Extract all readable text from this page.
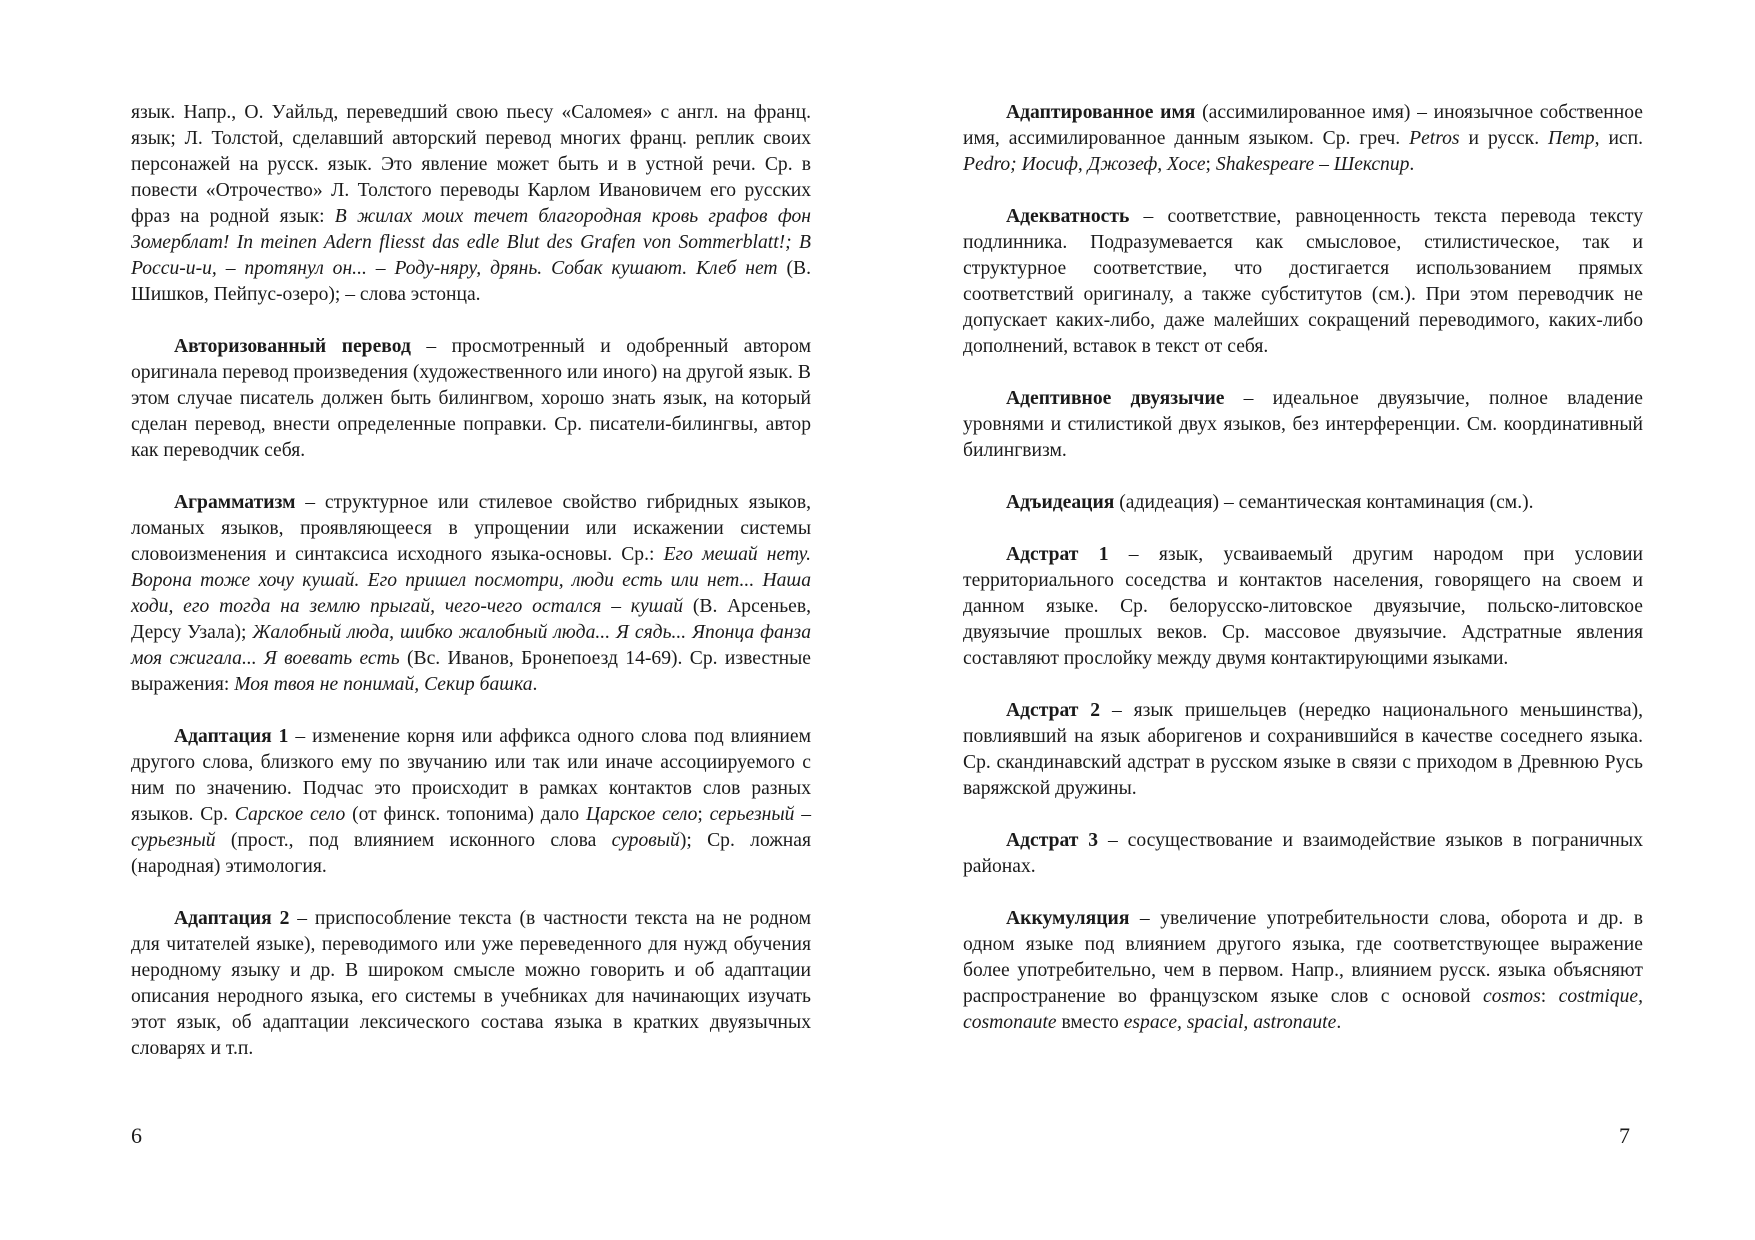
язык. Напр., О. Уайльд, переведший свою пьесу «Саломея» с англ. на франц. язык; Л. Толстой, сделавший авторский перевод многих франц. реплик своих персонажей на русск. язык. Это явление может быть и в устной речи. Ср. в повести «Отрочество» Л. Толстого переводы Карлом Ивановичем его русских фраз на родной язык: В жилах моих течет благородная кровь графов фон Зомерблат! In meinen Adern fliesst das edle Blut des Grafen von Sommerblatt!; В Росси-и-и, – протянул он... – Роду-няру, дрянь. Собак кушают. Клеб нет (В. Шишков, Пейпус-озеро); – слова эстонца.

Авторизованный перевод – просмотренный и одобренный автором оригинала перевод произведения (художественного или иного) на другой язык. В этом случае писатель должен быть билингвом, хорошо знать язык, на который сделан перевод, внести определенные поправки. Ср. писатели-билингвы, автор как переводчик себя.

Аграмматизм – структурное или стилевое свойство гибридных языков, ломаных языков, проявляющееся в упрощении или искажении системы словоизменения и синтаксиса исходного языка-основы. Ср.: Его мешай нету. Ворона тоже хочу кушай. Его пришел посмотри, люди есть или нет... Наша ходи, его тогда на землю прыгай, чего-чего остался – кушай (В. Арсеньев, Дерсу Узала); Жалобный люда, шибко жалобный люда... Я сядь... Японца фанза моя сжигала... Я воевать есть (Вс. Иванов, Бронепоезд 14-69). Ср. известные выражения: Моя твоя не понимай, Секир башка.

Адаптация 1 – изменение корня или аффикса одного слова под влиянием другого слова, близкого ему по звучанию или так или иначе ассоциируемого с ним по значению. Подчас это происходит в рамках контактов слов разных языков. Ср. Сарское село (от финск. топонима) дало Царское село; серьезный – сурьезный (прост., под влиянием исконного слова суровый); Ср. ложная (народная) этимология.

Адаптация 2 – приспособление текста (в частности текста на не родном для читателей языке), переводимого или уже переведенного для нужд обучения неродному языку и др. В широком смысле можно говорить и об адаптации описания неродного языка, его системы в учебниках для начинающих изучать этот язык, об адаптации лексического состава языка в кратких двуязычных словарях и т.п.

Адаптированное имя (ассимилированное имя) – иноязычное собственное имя, ассимилированное данным языком. Ср. греч. Petros и русск. Петр, исп. Pedro; Иосиф, Джозеф, Хосе; Shakespeare – Шекспир.

Адекватность – соответствие, равноценность текста перевода тексту подлинника. Подразумевается как смысловое, стилистическое, так и структурное соответствие, что достигается использованием прямых соответствий оригиналу, а также субститутов (см.). При этом переводчик не допускает каких-либо, даже малейших сокращений переводимого, каких-либо дополнений, вставок в текст от себя.

Адептивное двуязычие – идеальное двуязычие, полное владение уровнями и стилистикой двух языков, без интерференции. См. координативный билингвизм.

Адъидеация (адидеация) – семантическая контаминация (см.).

Адстрат 1 – язык, усваиваемый другим народом при условии территориального соседства и контактов населения, говорящего на своем и данном языке. Ср. белорусско-литовское двуязычие, польско-литовское двуязычие прошлых веков. Ср. массовое двуязычие. Адстратные явления составляют прослойку между двумя контактирующими языками.

Адстрат 2 – язык пришельцев (нередко национального меньшинства), повлиявший на язык аборигенов и сохранившийся в качестве соседнего языка. Ср. скандинавский адстрат в русском языке в связи с приходом в Древнюю Русь варяжской дружины.

Адстрат 3 – сосуществование и взаимодействие языков в пограничных районах.

Аккумуляция – увеличение употребительности слова, оборота и др. в одном языке под влиянием другого языка, где соответствующее выражение более употребительно, чем в первом. Напр., влиянием русск. языка объясняют распространение во французском языке слов с основой cosmos: costmique, cosmonaute вместо espace, spacial, astronaute.

6	7
